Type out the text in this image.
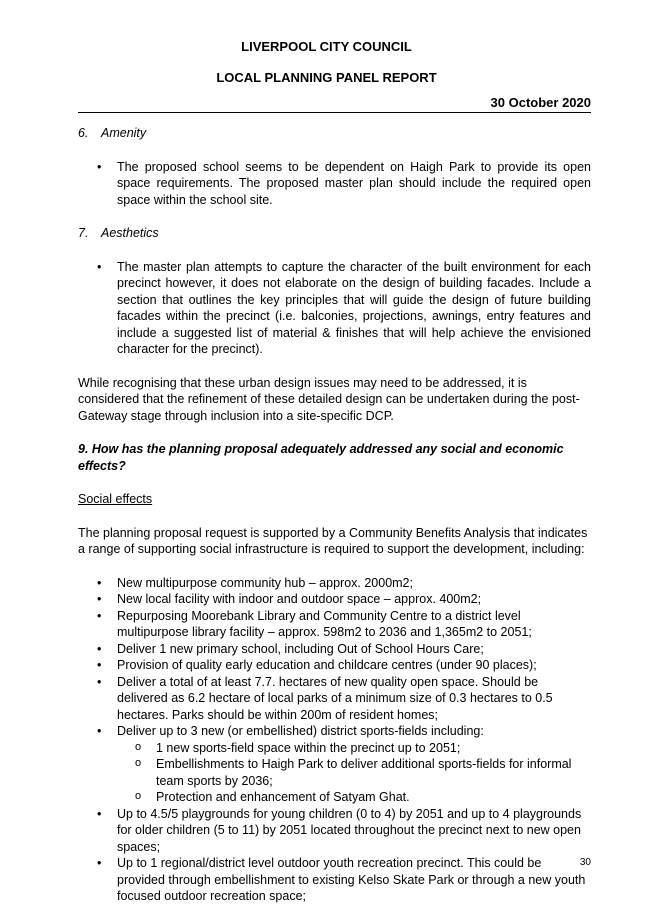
LIVERPOOL CITY COUNCIL
LOCAL PLANNING PANEL REPORT
30 October 2020

6. Amenity

• The proposed school seems to be dependent on Haigh Park to provide its open space requirements. The proposed master plan should include the required open space within the school site.

7. Aesthetics

• The master plan attempts to capture the character of the built environment for each precinct however, it does not elaborate on the design of building facades. Include a section that outlines the key principles that will guide the design of future building facades within the precinct (i.e. balconies, projections, awnings, entry features and include a suggested list of material & finishes that will help achieve the envisioned character for the precinct).

While recognising that these urban design issues may need to be addressed, it is considered that the refinement of these detailed design can be undertaken during the post-Gateway stage through inclusion into a site-specific DCP.

9. How has the planning proposal adequately addressed any social and economic effects?

Social effects

The planning proposal request is supported by a Community Benefits Analysis that indicates a range of supporting social infrastructure is required to support the development, including:

• New multipurpose community hub – approx. 2000m2;
• New local facility with indoor and outdoor space – approx. 400m2;
• Repurposing Moorebank Library and Community Centre to a district level multipurpose library facility – approx. 598m2 to 2036 and 1,365m2 to 2051;
• Deliver 1 new primary school, including Out of School Hours Care;
• Provision of quality early education and childcare centres (under 90 places);
• Deliver a total of at least 7.7. hectares of new quality open space. Should be delivered as 6.2 hectare of local parks of a minimum size of 0.3 hectares to 0.5 hectares. Parks should be within 200m of resident homes;
• Deliver up to 3 new (or embellished) district sports-fields including:
o 1 new sports-field space within the precinct up to 2051;
o Embellishments to Haigh Park to deliver additional sports-fields for informal team sports by 2036;
o Protection and enhancement of Satyam Ghat.
• Up to 4.5/5 playgrounds for young children (0 to 4) by 2051 and up to 4 playgrounds for older children (5 to 11) by 2051 located throughout the precinct next to new open spaces;
• Up to 1 regional/district level outdoor youth recreation precinct. This could be provided through embellishment to existing Kelso Skate Park or through a new youth focused outdoor recreation space;
30
